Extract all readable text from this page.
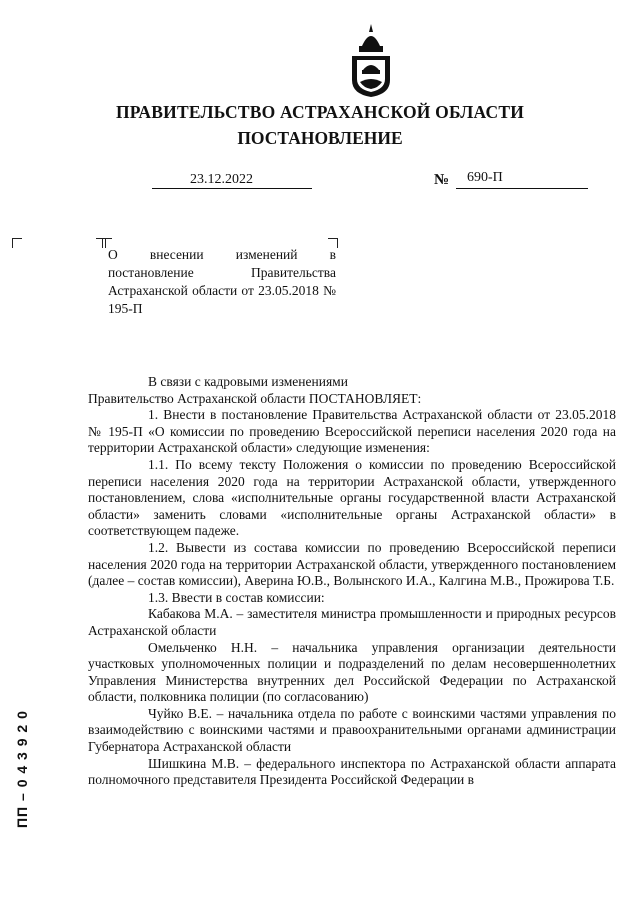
ПРАВИТЕЛЬСТВО АСТРАХАНСКОЙ ОБЛАСТИ
ПОСТАНОВЛЕНИЕ
23.12.2022	№ 690-П
О внесении изменений в постановление Правительства Астраханской области от 23.05.2018 № 195-П

В связи с кадровыми изменениями

Правительство Астраханской области ПОСТАНОВЛЯЕТ:

1. Внести в постановление Правительства Астраханской области от 23.05.2018 № 195-П «О комиссии по проведению Всероссийской переписи населения 2020 года на территории Астраханской области» следующие изменения:

1.1. По всему тексту Положения о комиссии по проведению Всероссийской переписи населения 2020 года на территории Астраханской области, утвержденного постановлением, слова «исполнительные органы государственной власти Астраханской области» заменить словами «исполнительные органы Астраханской области» в соответствующем падеже.

1.2. Вывести из состава комиссии по проведению Всероссийской переписи населения 2020 года на территории Астраханской области, утвержденного постановлением (далее – состав комиссии), Аверина Ю.В., Волынского И.А., Калгина М.В., Прожирова Т.Б.

1.3. Ввести в состав комиссии:

Кабакова М.А. – заместителя министра промышленности и природных ресурсов Астраханской области

Омельченко Н.Н. – начальника управления организации деятельности участковых уполномоченных полиции и подразделений по делам несовершеннолетних Управления Министерства внутренних дел Российской Федерации по Астраханской области, полковника полиции (по согласованию)

Чуйко В.Е. – начальника отдела по работе с воинскими частями управления по взаимодействию с воинскими частями и правоохранительными органами администрации Губернатора Астраханской области

Шишкина М.В. – федерального инспектора по Астраханской области аппарата полномочного представителя Президента Российской Федерации в

ПП – 0 4 3 9 2 0
